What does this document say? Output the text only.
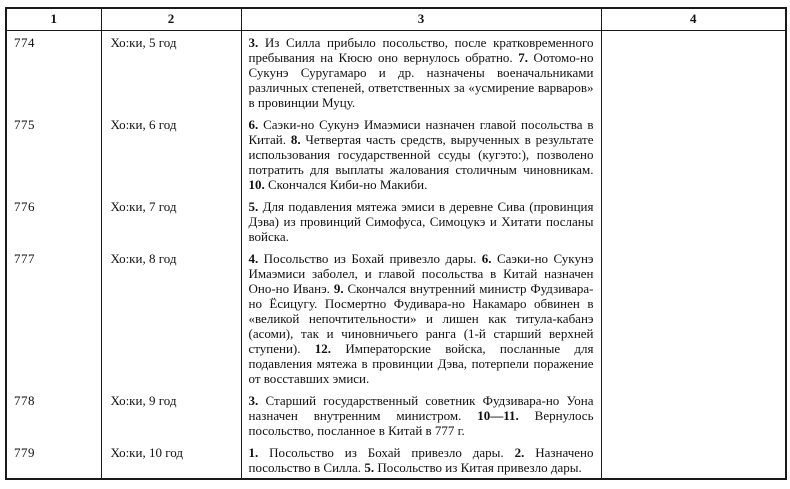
1	2	3	4
774	Хо:ки, 5 год	3. Из Силла прибыло посольство, после кратковременного пребывания на Кюсю оно вернулось обратно. 7. Оотомо-но Сукунэ Суругамаро и др. назначены военачальниками различных степеней, ответственных за «усмирение варваров» в провинции Муцу.	
775	Хо:ки, 6 год	6. Саэки-но Сукунэ Имаэмиси назначен главой посольства в Китай. 8. Четвертая часть средств, вырученных в результате использования государственной ссуды (кугэто:), позволено потратить для выплаты жалования столичным чиновникам. 10. Скончался Киби-но Макиби.	
776	Хо:ки, 7 год	5. Для подавления мятежа эмиси в деревне Сива (провинция Дэва) из провинций Симофуса, Симоцукэ и Хитати посланы войска.	
777	Хо:ки, 8 год	4. Посольство из Бохай привезло дары. 6. Саэки-но Сукунэ Имаэмиси заболел, и главой посольства в Китай назначен Оно-но Иванэ. 9. Скончался внутренний министр Фудзивара-но Ёсицугу. Посмертно Фудивара-но Накамаро обвинен в «великой непочтительности» и лишен как титула-кабанэ (асоми), так и чиновничьего ранга (1-й старший верхней ступени). 12. Императорские войска, посланные для подавления мятежа в провинции Дэва, потерпели поражение от восставших эмиси.	
778	Хо:ки, 9 год	3. Старший государственный советник Фудзивара-но Уона назначен внутренним министром. 10—11. Вернулось посольство, посланное в Китай в 777 г.	
779	Хо:ки, 10 год	1. Посольство из Бохай привезло дары. 2. Назначено посольство в Силла. 5. Посольство из Китая привезло дары.	
